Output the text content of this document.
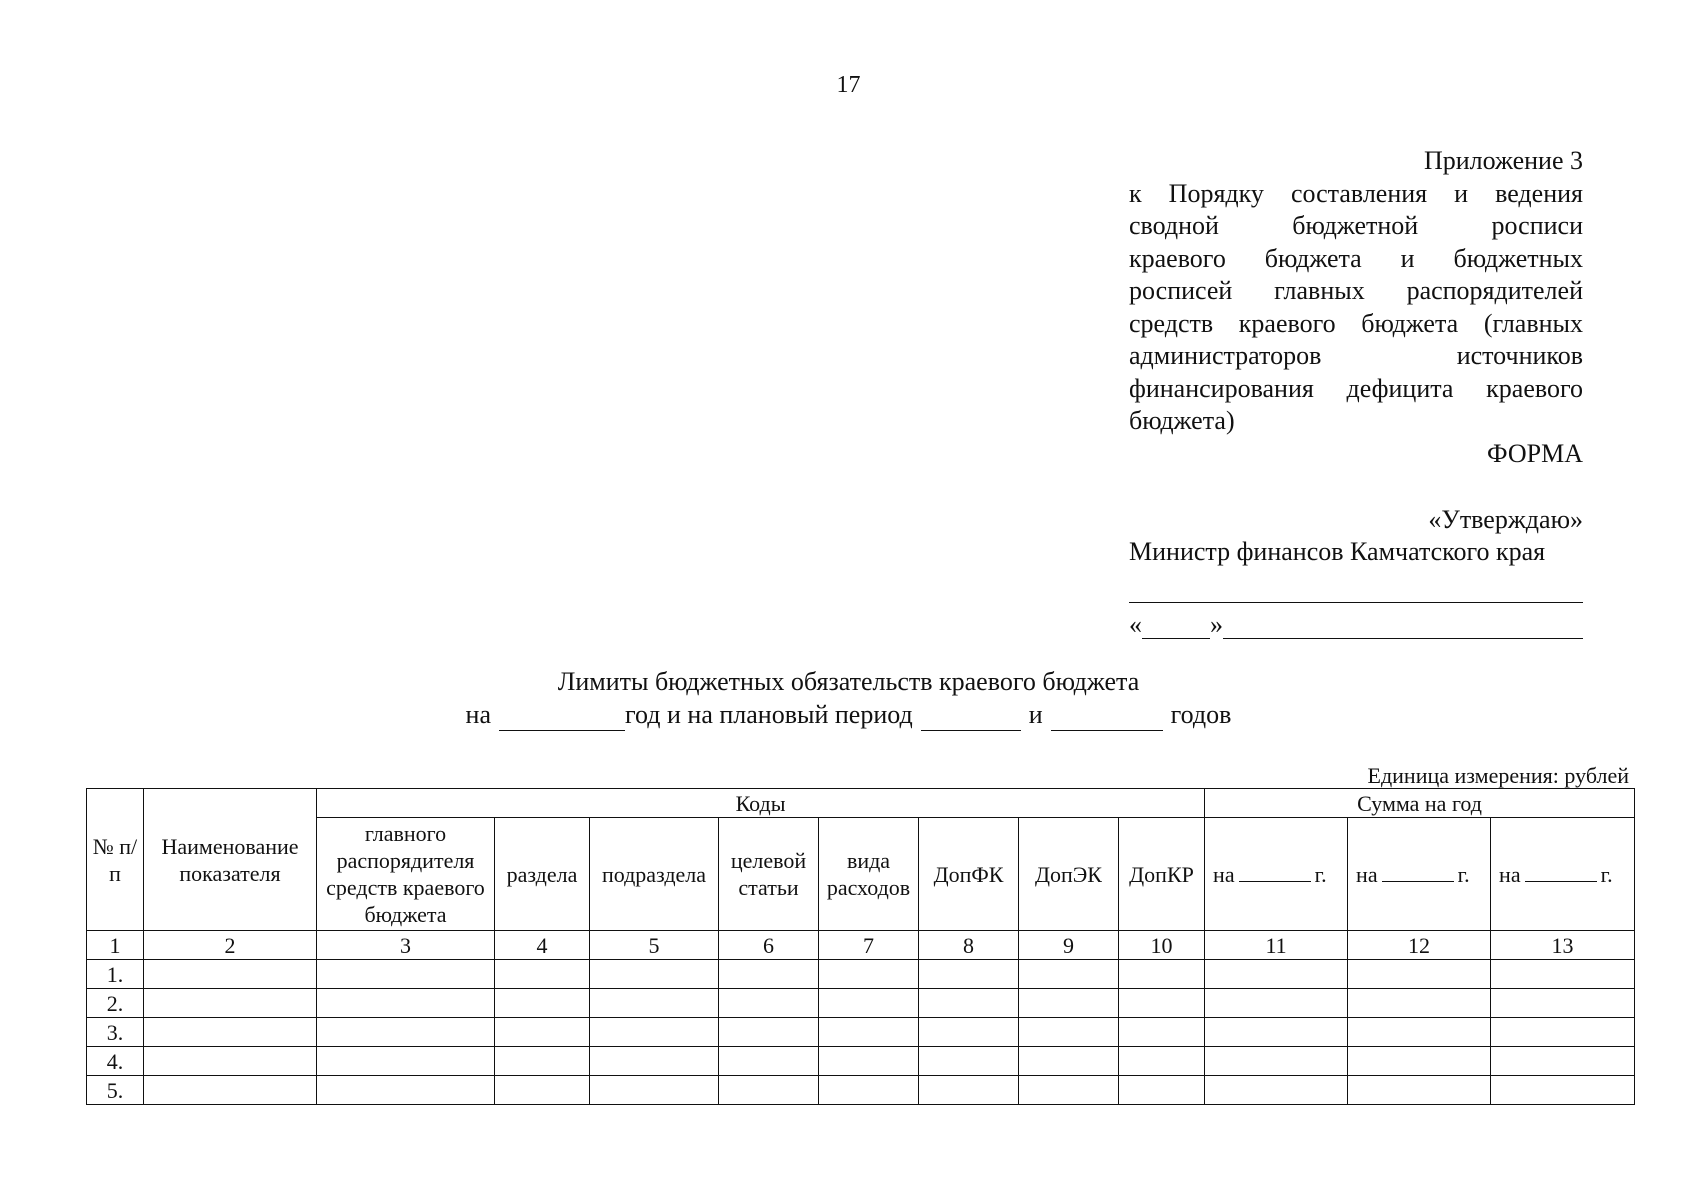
17
Приложение 3
к Порядку составления и ведения
сводной бюджетной росписи
краевого бюджета и бюджетных
росписей главных распорядителей
средств краевого бюджета (главных
администраторов источников
финансирования дефицита краевого
бюджета)
ФОРМА
«Утверждаю»
Министр финансов Камчатского края
«	»
Лимиты бюджетных обязательств краевого бюджета
на	год и на плановый период	и	годов
Единица измерения: рублей
№ п/п	Наименование показателя	Коды								Сумма на год		
		главного распорядителя средств краевого бюджета	раздела	подраздела	целевой статьи	вида расходов	ДопФК	ДопЭК	ДопКР	на г.	на г.	на г.
1	2	3	4	5	6	7	8	9	10	11	12	13
1.												
2.												
3.												
4.												
5.												
